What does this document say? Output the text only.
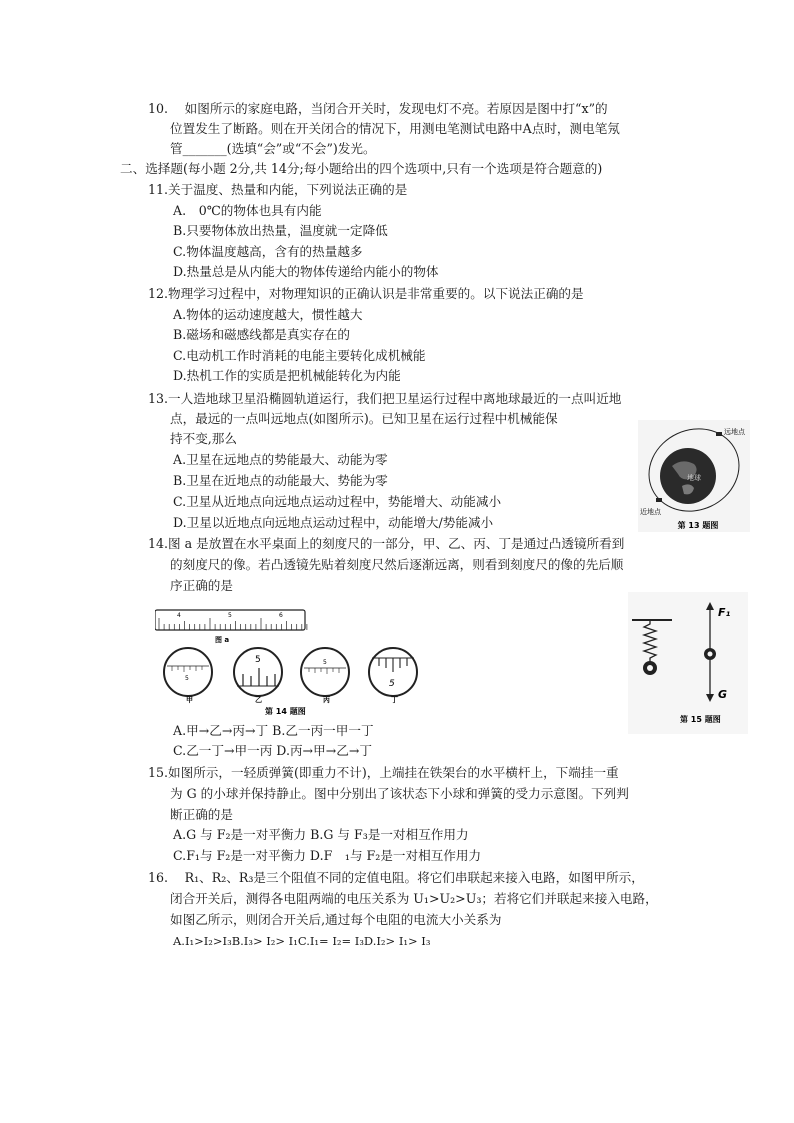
10.　 如图所示的家庭电路，当闭合开关时，发现电灯不亮。若原因是图中打“x”的
位置发生了断路。则在开关闭合的情况下，用测电笔测试电路中A点时，测电笔氖
管_______(选填“会”或“不会”)发光。
二、选择题(每小题 2分,共 14分;每小题给出的四个选项中,只有一个选项是符合题意的)
11.关于温度、热量和内能，下列说法正确的是
A.　0℃的物体也具有内能
B.只要物体放出热量，温度就一定降低
C.物体温度越高，含有的热量越多
D.热量总是从内能大的物体传递给内能小的物体
12.物理学习过程中，对物理知识的正确认识是非常重要的。以下说法正确的是
A.物体的运动速度越大，惯性越大
B.磁场和磁感线都是真实存在的
C.电动机工作时消耗的电能主要转化成机械能
D.热机工作的实质是把机械能转化为内能
13.一人造地球卫星沿椭圆轨道运行，我们把卫星运行过程中离地球最近的一点叫近地
点，最远的一点叫远地点(如图所示)。已知卫星在运行过程中机械能保
持不变,那么
A.卫星在远地点的势能最大、动能为零
B.卫星在近地点的动能最大、势能为零
C.卫星从近地点向远地点运动过程中，势能增大、动能减小
D.卫星以近地点向远地点运动过程中，动能增大/势能减小
地球
远地点
近地点
第 13 题图
14.图 a 是放置在水平桌面上的刻度尺的一部分，甲、乙、丙、丁是通过凸透镜所看到
的刻度尺的像。若凸透镜先贴着刻度尺然后逐渐远离，则看到刻度尺的像的先后顺
序正确的是
4	5	6
图 a
5
甲
5
乙
5
丙
5
丁
第 14 题图
F₁
G
第 15 题图
A.甲→乙→丙→丁 B.乙一丙一甲一丁
C.乙一丁→甲一丙 D.丙→甲→乙→丁
15.如图所示，一轻质弹簧(即重力不计)，上端挂在铁架台的水平横杆上，下端挂一重
为 G 的小球并保持静止。图中分别出了该状态下小球和弹簧的受力示意图。下列判
断正确的是
A.G 与 F₂是一对平衡力 B.G 与 F₃是一对相互作用力
C.F₁与 F₂是一对平衡力 D.F　₁与 F₂是一对相互作用力
16.　 R₁、R₂、R₃是三个阻值不同的定值电阻。将它们串联起来接入电路，如图甲所示，
闭合开关后，测得各电阻两端的电压关系为 U₁>U₂>U₃；若将它们并联起来接入电路，
如图乙所示，则闭合开关后,通过每个电阻的电流大小关系为
A.I₁>I₂>I₃B.I₃> I₂> I₁C.I₁= I₂= I₃D.I₂> I₁> I₃
